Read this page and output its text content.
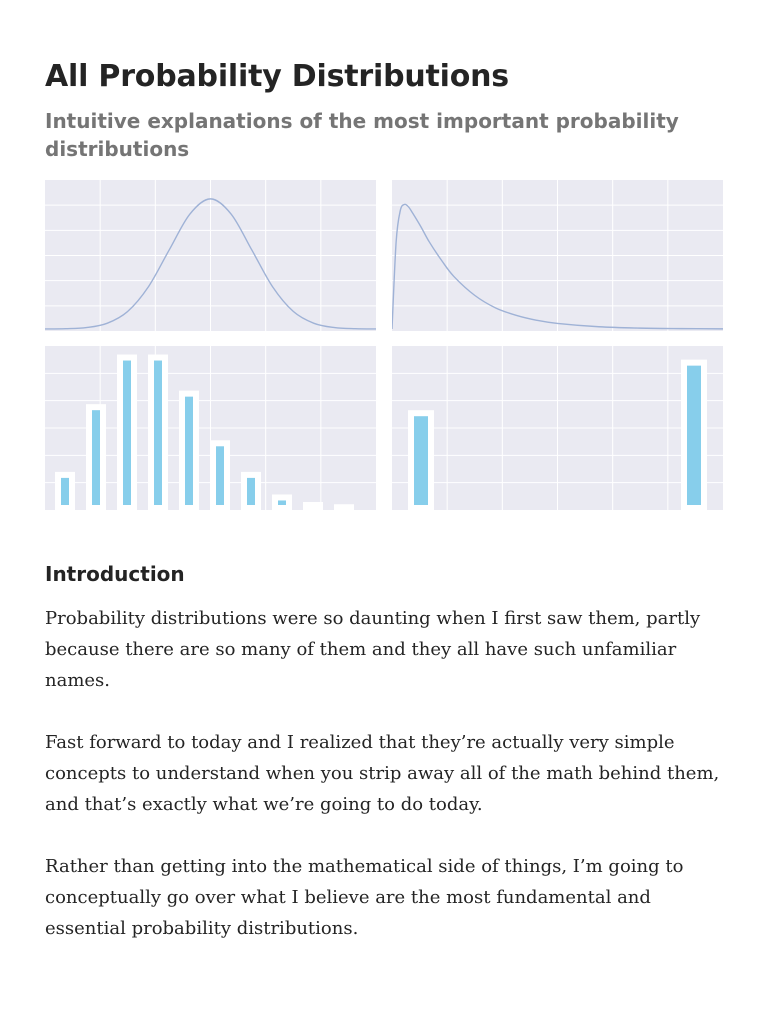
All Probability Distributions
Intuitive explanations of the most important probability distributions
Introduction

Probability distributions were so daunting when I first saw them, partly because there are so many of them and they all have such unfamiliar names.

Fast forward to today and I realized that they’re actually very simple concepts to understand when you strip away all of the math behind them, and that’s exactly what we’re going to do today.

Rather than getting into the mathematical side of things, I’m going to conceptually go over what I believe are the most fundamental and essential probability distributions.
